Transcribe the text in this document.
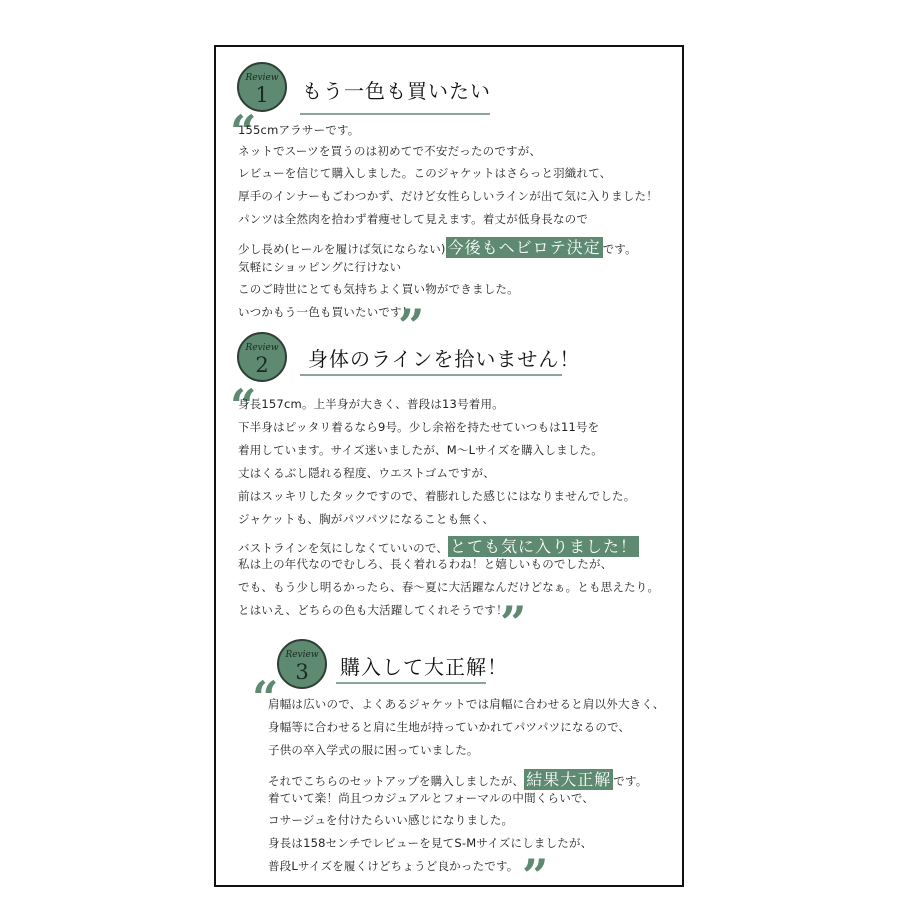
Review
1	もう一色も買いたい
“
155cmアラサーです。
ネットでスーツを買うのは初めてで不安だったのですが、
レビューを信じて購入しました。このジャケットはさらっと羽織れて、
厚手のインナーもごわつかず、だけど女性らしいラインが出て気に入りました！
パンツは全然肉を拾わず着痩せして見えます。着丈が低身長なので
少し長め(ヒールを履けば気にならない) 今後もヘビロテ決定 です。
気軽にショッピングに行けない
このご時世にとても気持ちよく買い物ができました。
いつかもう一色も買いたいです！
”
Review
2	身体のラインを拾いません！
“
身長157cm。上半身が大きく、普段は13号着用。
下半身はピッタリ着るなら9号。少し余裕を持たせていつもは11号を
着用しています。サイズ迷いましたが、M〜Lサイズを購入しました。
丈はくるぶし隠れる程度、ウエストゴムですが、
前はスッキリしたタックですので、着膨れした感じにはなりませんでした。
ジャケットも、胸がパツパツになることも無く、
バストラインを気にしなくていいので、 とても気に入りました！
私は上の年代なのでむしろ、長く着れるわね！と嬉しいものでしたが、
でも、もう少し明るかったら、春〜夏に大活躍なんだけどなぁ。とも思えたり。
とはいえ、どちらの色も大活躍してくれそうです！
”
Review
3	購入して大正解！
“
肩幅は広いので、よくあるジャケットでは肩幅に合わせると肩以外大きく、
身幅等に合わせると肩に生地が持っていかれてパツパツになるので、
子供の卒入学式の服に困っていました。
それでこちらのセットアップを購入しましたが、 結果大正解 です。
着ていて楽！尚且つカジュアルとフォーマルの中間くらいで、
コサージュを付けたらいい感じになりました。
身長は158センチでレビューを見てS-Mサイズにしましたが、
普段Lサイズを履くけどちょうど良かったです。 ”
